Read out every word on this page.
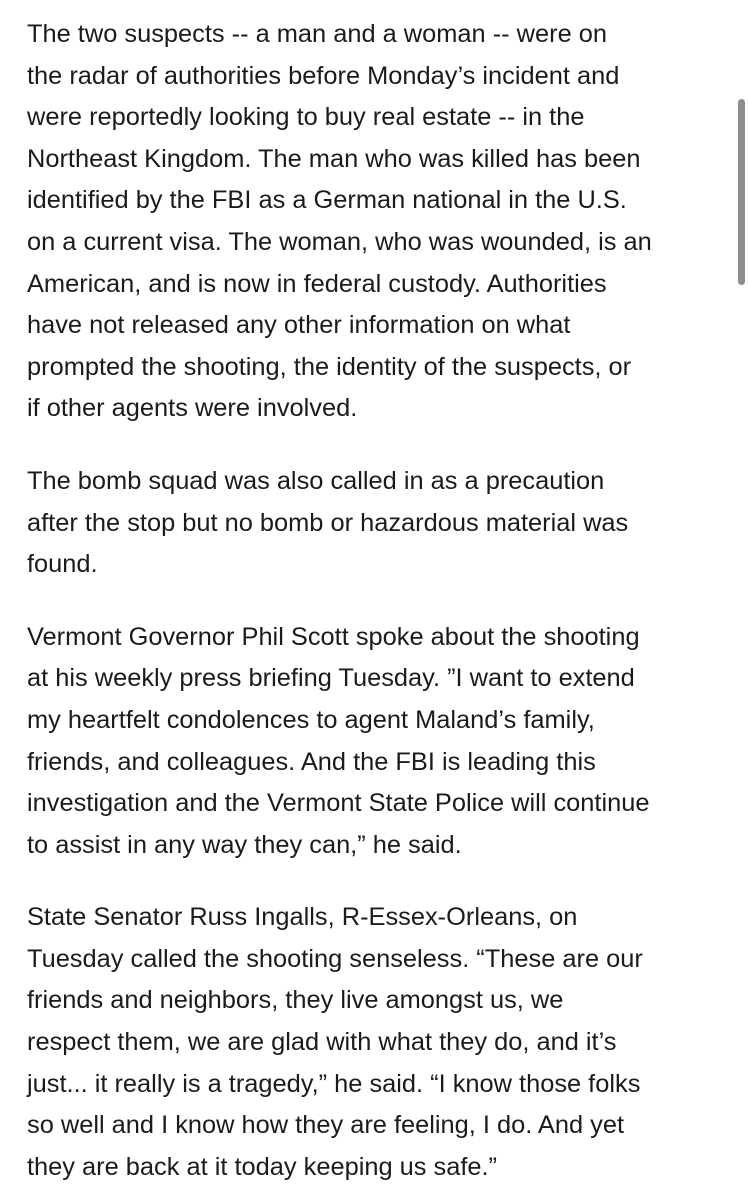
The two suspects -- a man and a woman -- were on
the radar of authorities before Monday’s incident and
were reportedly looking to buy real estate -- in the
Northeast Kingdom. The man who was killed has been
identified by the FBI as a German national in the U.S.
on a current visa. The woman, who was wounded, is an
American, and is now in federal custody. Authorities
have not released any other information on what
prompted the shooting, the identity of the suspects, or
if other agents were involved.

The bomb squad was also called in as a precaution
after the stop but no bomb or hazardous material was
found.

Vermont Governor Phil Scott spoke about the shooting
at his weekly press briefing Tuesday. ”I want to extend
my heartfelt condolences to agent Maland’s family,
friends, and colleagues. And the FBI is leading this
investigation and the Vermont State Police will continue
to assist in any way they can,” he said.

State Senator Russ Ingalls, R-Essex-Orleans, on
Tuesday called the shooting senseless. “These are our
friends and neighbors, they live amongst us, we
respect them, we are glad with what they do, and it’s
just... it really is a tragedy,” he said. “I know those folks
so well and I know how they are feeling, I do. And yet
they are back at it today keeping us safe.”
